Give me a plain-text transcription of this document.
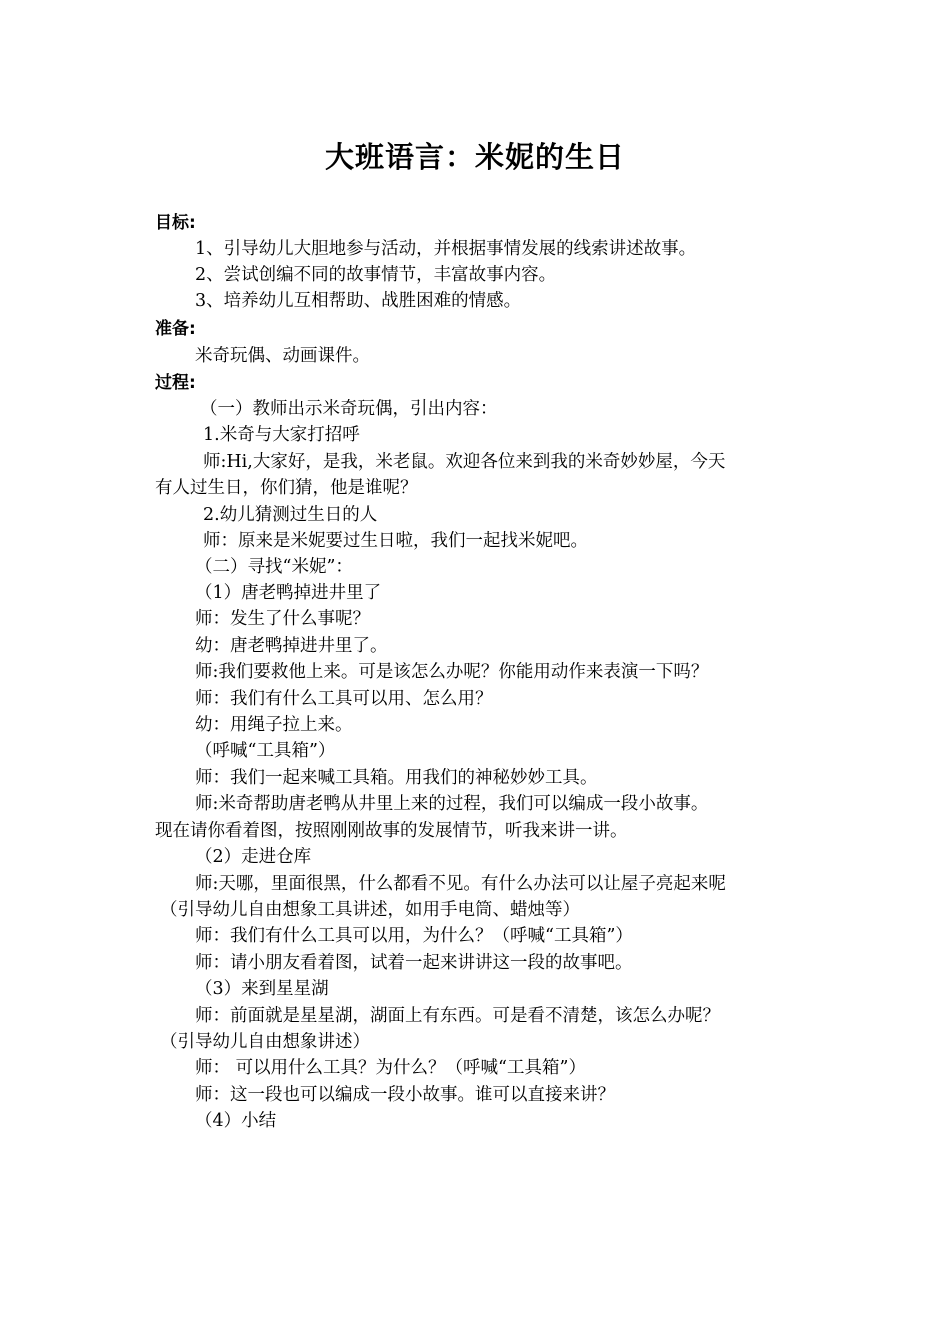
大班语言：米妮的生日
目标:
1、引导幼儿大胆地参与活动，并根据事情发展的线索讲述故事。
2、尝试创编不同的故事情节，丰富故事内容。
3、培养幼儿互相帮助、战胜困难的情感。
准备:
米奇玩偶、动画课件。
过程:
（一）教师出示米奇玩偶，引出内容：
1.米奇与大家打招呼
师:Hi,大家好，是我，米老鼠。欢迎各位来到我的米奇妙妙屋，今天
有人过生日，你们猜，他是谁呢？
2.幼儿猜测过生日的人
师：原来是米妮要过生日啦，我们一起找米妮吧。
（二）寻找“米妮”：
（1）唐老鸭掉进井里了
师：发生了什么事呢？
幼：唐老鸭掉进井里了。
师:我们要救他上来。可是该怎么办呢？你能用动作来表演一下吗？
师：我们有什么工具可以用、怎么用？
幼：用绳子拉上来。
（呼喊“工具箱”）
师：我们一起来喊工具箱。用我们的神秘妙妙工具。
师:米奇帮助唐老鸭从井里上来的过程，我们可以编成一段小故事。
现在请你看着图，按照刚刚故事的发展情节，听我来讲一讲。
（2）走进仓库
师:天哪，里面很黑，什么都看不见。有什么办法可以让屋子亮起来呢
（引导幼儿自由想象工具讲述，如用手电筒、蜡烛等）
师：我们有什么工具可以用，为什么？（呼喊“工具箱”）
师：请小朋友看着图，试着一起来讲讲这一段的故事吧。
（3）来到星星湖
师：前面就是星星湖，湖面上有东西。可是看不清楚，该怎么办呢？
（引导幼儿自由想象讲述）
师： 可以用什么工具？为什么？（呼喊“工具箱”）
师：这一段也可以编成一段小故事。谁可以直接来讲？
（4）小结
